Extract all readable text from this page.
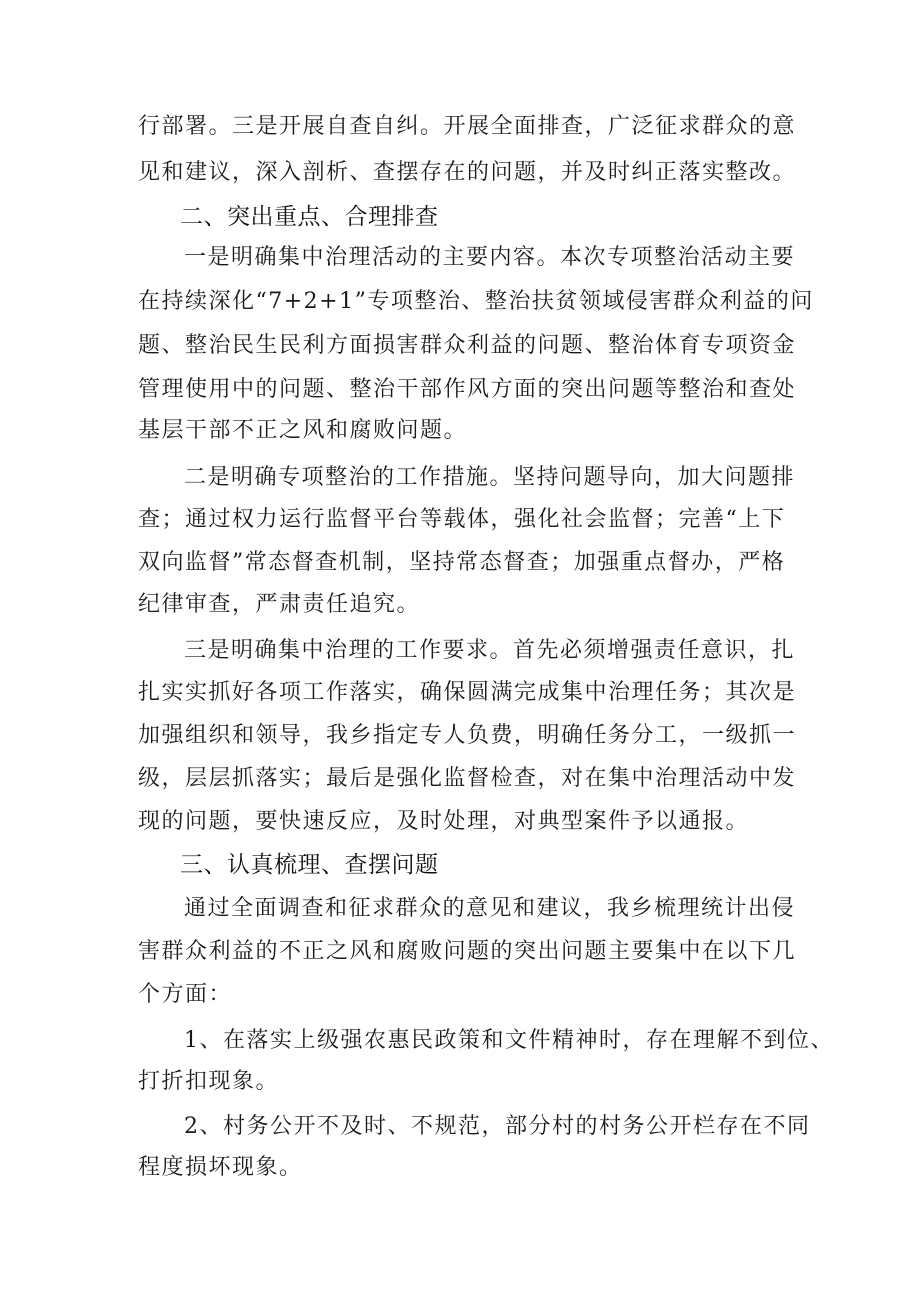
行部署。三是开展自查自纠。开展全面排查，广泛征求群众的意
见和建议，深入剖析、查摆存在的问题，并及时纠正落实整改。
二、突出重点、合理排查
一是明确集中治理活动的主要内容。本次专项整治活动主要
在持续深化“7+2+1”专项整治、整治扶贫领域侵害群众利益的问
题、整治民生民利方面损害群众利益的问题、整治体育专项资金
管理使用中的问题、整治干部作风方面的突出问题等整治和查处
基层干部不正之风和腐败问题。
二是明确专项整治的工作措施。坚持问题导向，加大问题排
查；通过权力运行监督平台等载体，强化社会监督；完善“上下
双向监督”常态督查机制，坚持常态督查；加强重点督办，严格
纪律审查，严肃责任追究。
三是明确集中治理的工作要求。首先必须增强责任意识，扎
扎实实抓好各项工作落实，确保圆满完成集中治理任务；其次是
加强组织和领导，我乡指定专人负费，明确任务分工，一级抓一
级，层层抓落实；最后是强化监督检查，对在集中治理活动中发
现的问题，要快速反应，及时处理，对典型案件予以通报。
三、认真梳理、查摆问题
通过全面调查和征求群众的意见和建议，我乡梳理统计出侵
害群众利益的不正之风和腐败问题的突出问题主要集中在以下几
个方面：
1、在落实上级强农惠民政策和文件精神时，存在理解不到位、
打折扣现象。
2、村务公开不及时、不规范，部分村的村务公开栏存在不同
程度损坏现象。
